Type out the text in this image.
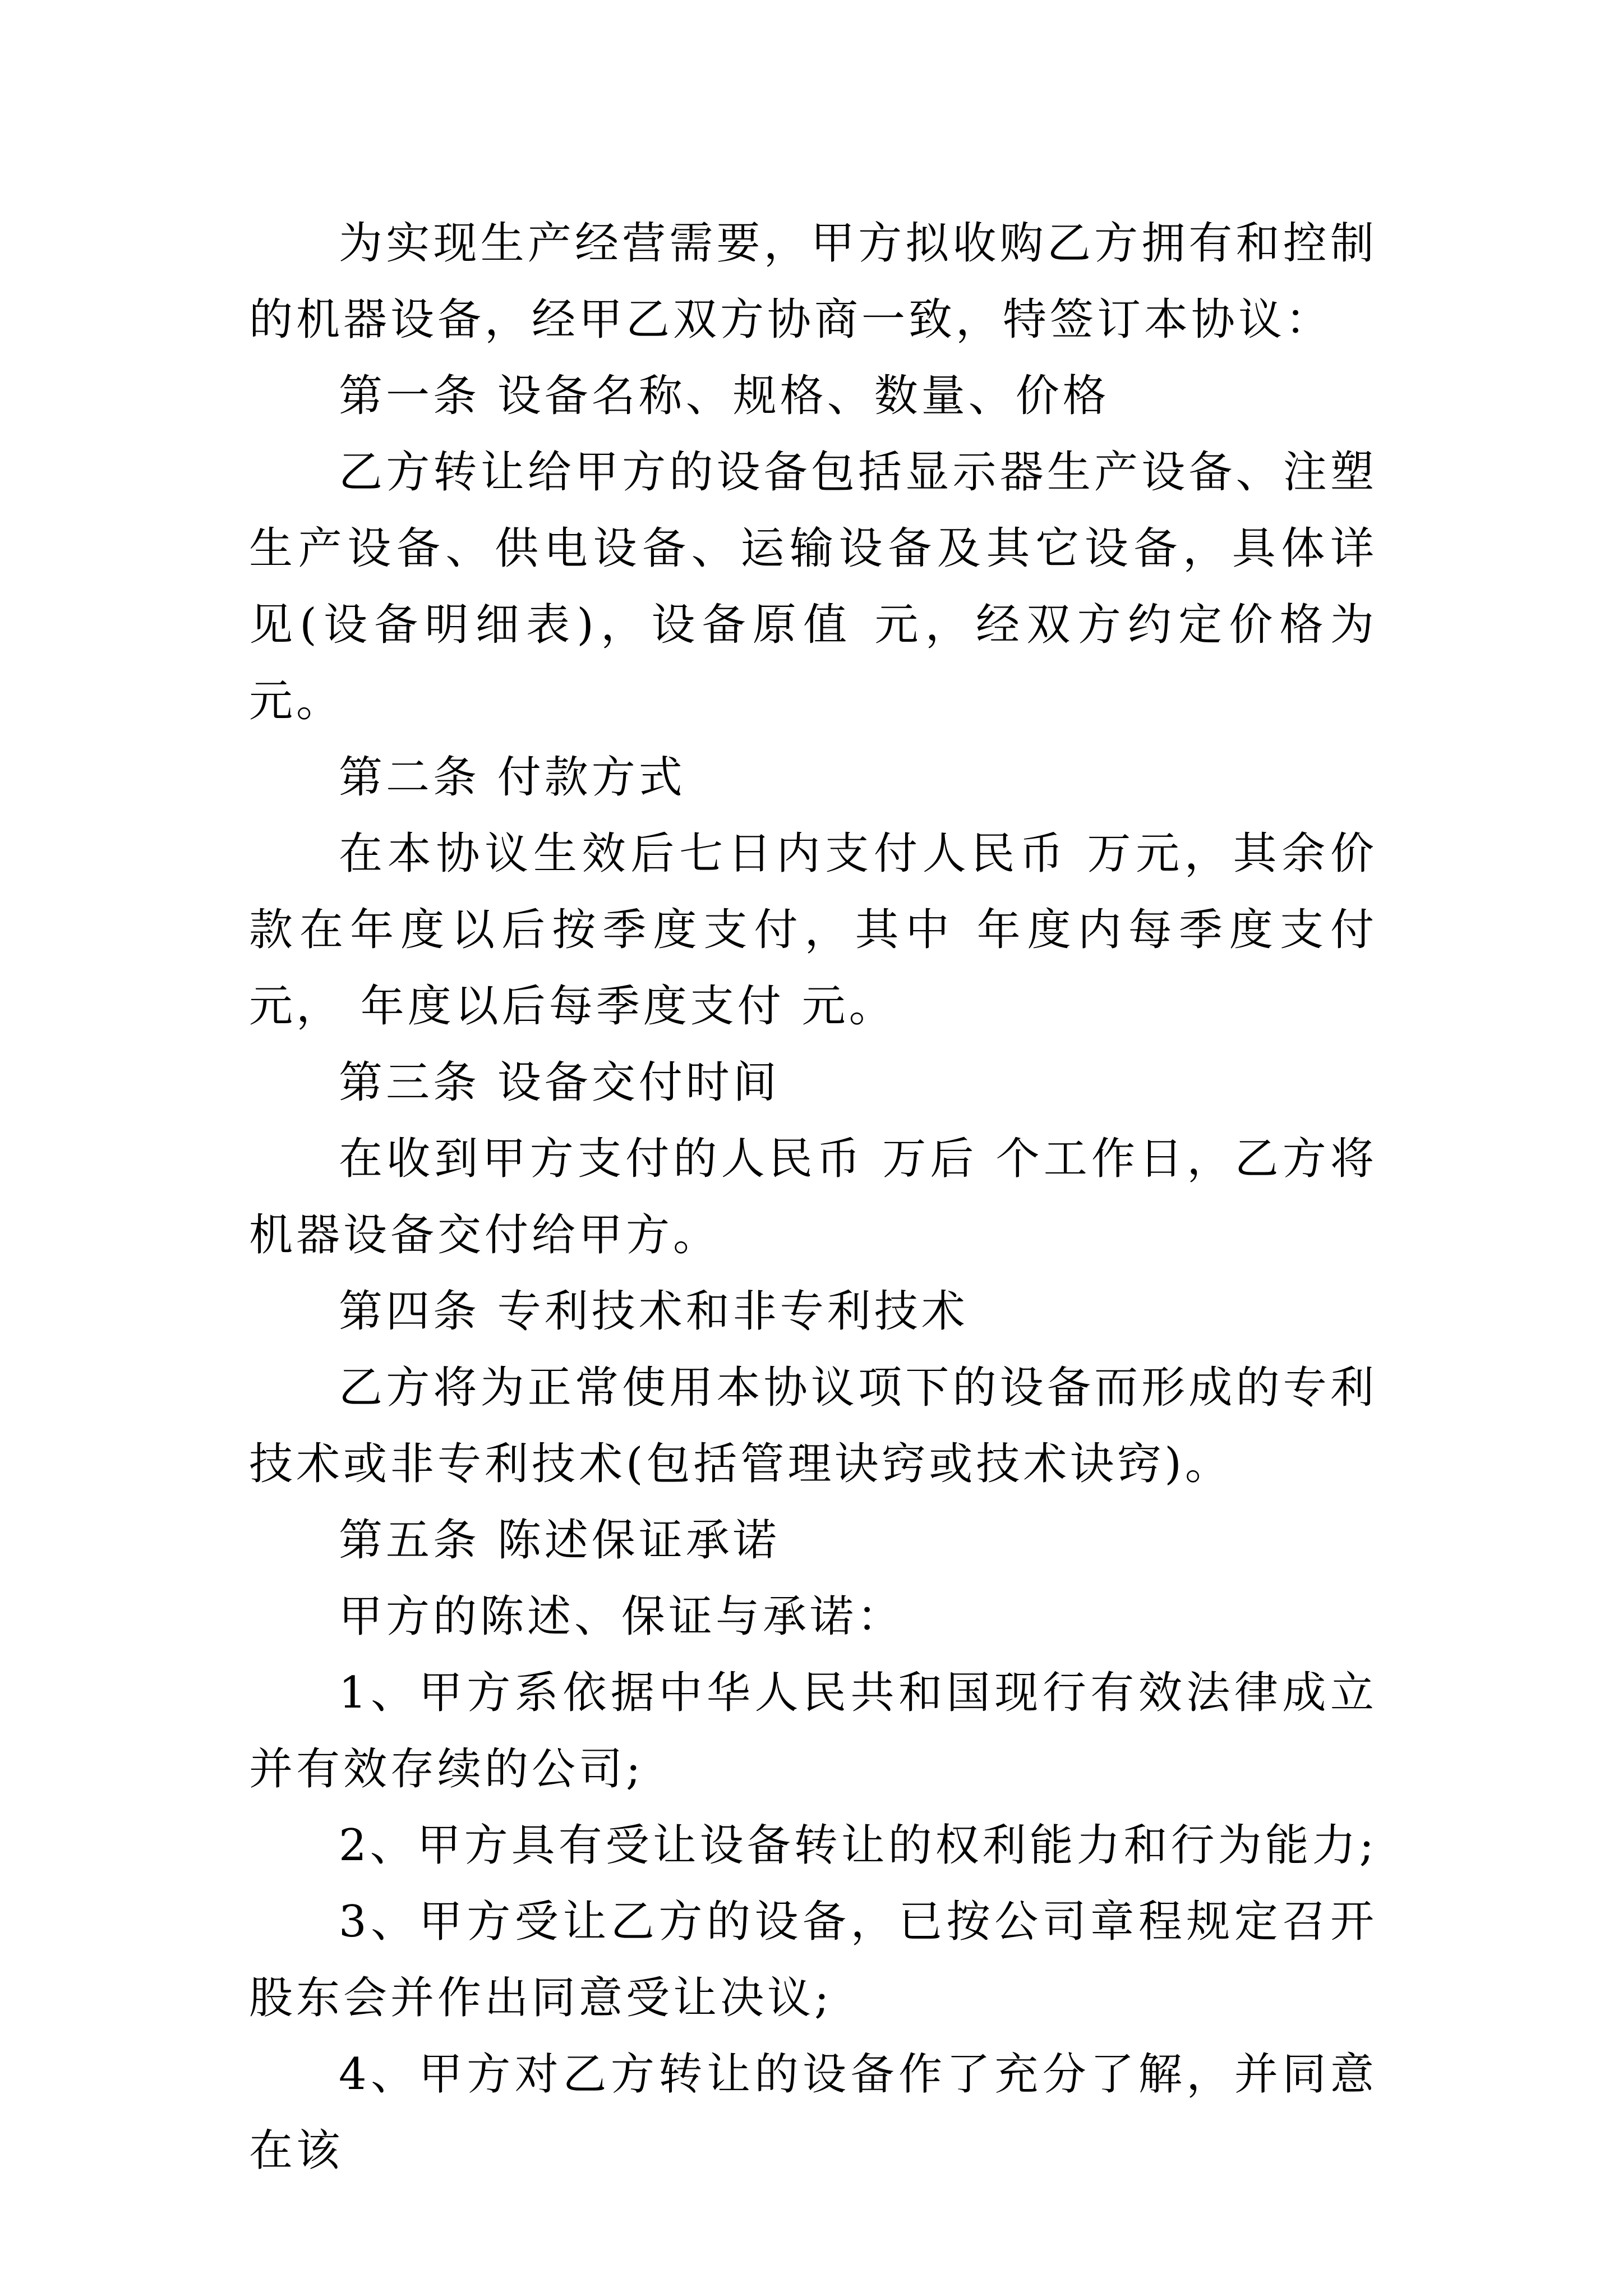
为实现生产经营需要，甲方拟收购乙方拥有和控制的机器设备，经甲乙双方协商一致，特签订本协议：

第一条 设备名称、规格、数量、价格

乙方转让给甲方的设备包括显示器生产设备、注塑生产设备、供电设备、运输设备及其它设备，具体详见(设备明细表)，设备原值 元，经双方约定价格为 元。

第二条 付款方式

在本协议生效后七日内支付人民币 万元，其余价款在年度以后按季度支付，其中 年度内每季度支付 元， 年度以后每季度支付 元。

第三条 设备交付时间

在收到甲方支付的人民币 万后 个工作日，乙方将机器设备交付给甲方。

第四条 专利技术和非专利技术

乙方将为正常使用本协议项下的设备而形成的专利技术或非专利技术(包括管理诀窍或技术诀窍)。

第五条 陈述保证承诺

甲方的陈述、保证与承诺：

1、甲方系依据中华人民共和国现行有效法律成立并有效存续的公司;

2、甲方具有受让设备转让的权利能力和行为能力;

3、甲方受让乙方的设备，已按公司章程规定召开股东会并作出同意受让决议;

4、甲方对乙方转让的设备作了充分了解，并同意在该
